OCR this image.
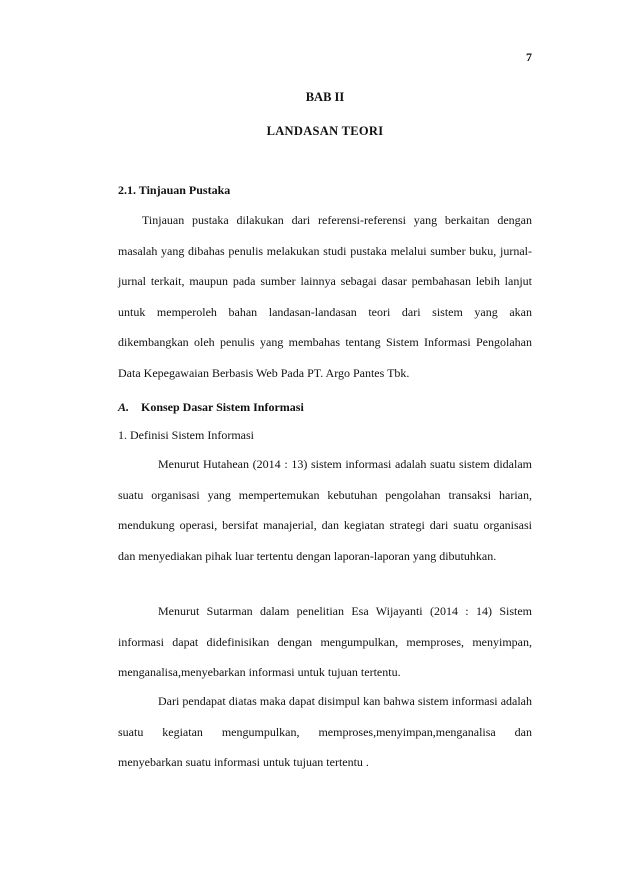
7
BAB II
LANDASAN TEORI
2.1. Tinjauan Pustaka

Tinjauan pustaka dilakukan dari referensi-referensi yang berkaitan dengan masalah yang dibahas penulis melakukan studi pustaka melalui sumber buku, jurnal-jurnal terkait, maupun pada sumber lainnya sebagai dasar pembahasan lebih lanjut untuk memperoleh bahan landasan-landasan teori dari sistem yang akan dikembangkan oleh penulis yang membahas tentang Sistem Informasi Pengolahan Data Kepegawaian Berbasis Web Pada PT. Argo Pantes Tbk.

A. Konsep Dasar Sistem Informasi
1. Definisi Sistem Informasi

Menurut Hutahean (2014 : 13) sistem informasi adalah suatu sistem didalam suatu organisasi yang mempertemukan kebutuhan pengolahan transaksi harian, mendukung operasi, bersifat manajerial, dan kegiatan strategi dari suatu organisasi dan menyediakan pihak luar tertentu dengan laporan-laporan yang dibutuhkan.

Menurut Sutarman dalam penelitian Esa Wijayanti (2014 : 14) Sistem informasi dapat didefinisikan dengan mengumpulkan, memproses, menyimpan, menganalisa,menyebarkan informasi untuk tujuan tertentu.

Dari pendapat diatas maka dapat disimpul kan bahwa sistem informasi adalah suatu kegiatan mengumpulkan, memproses,menyimpan,menganalisa dan menyebarkan suatu informasi untuk tujuan tertentu .
